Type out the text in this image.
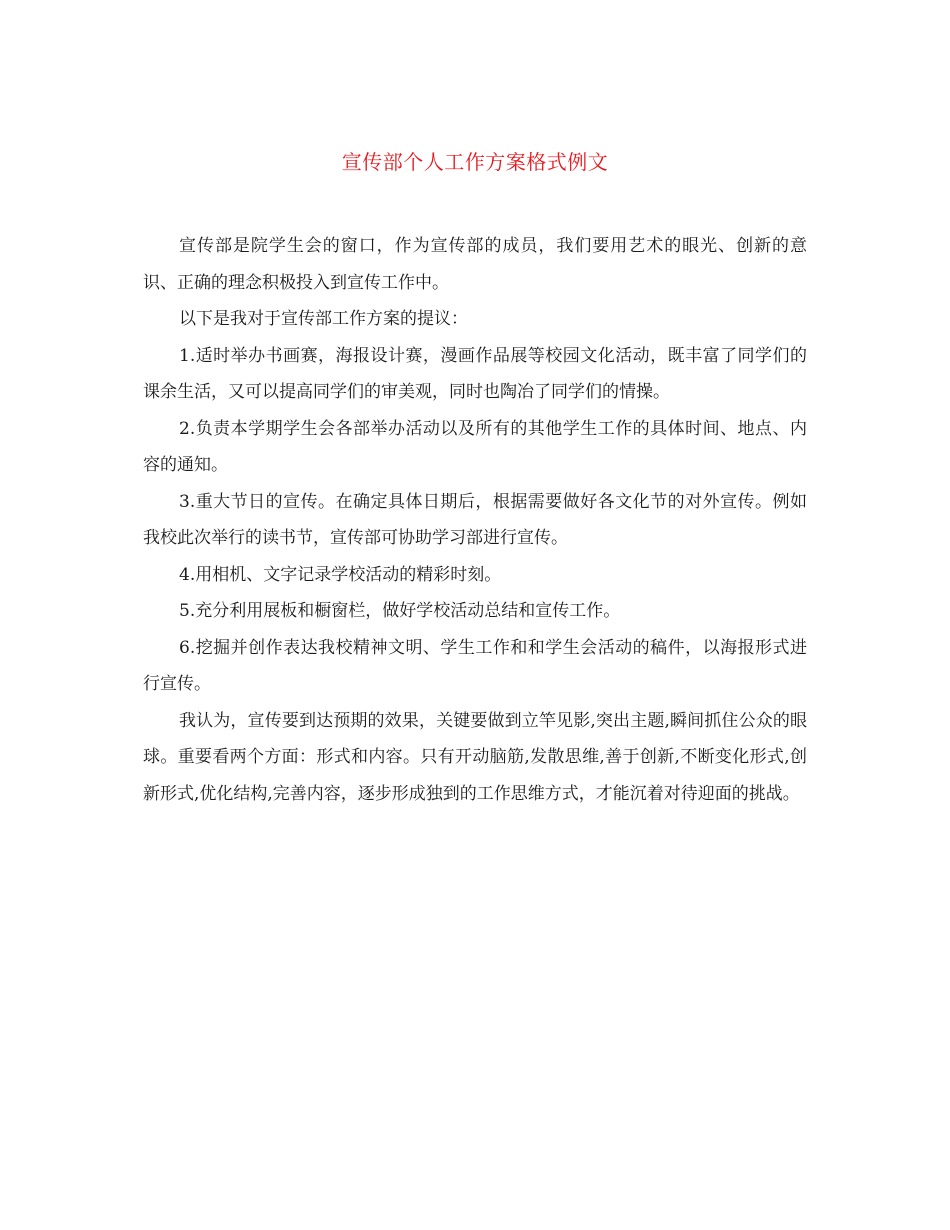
宣传部个人工作方案格式例文

宣传部是院学生会的窗口，作为宣传部的成员，我们要用艺术的眼光、创新的意识、正确的理念积极投入到宣传工作中。

以下是我对于宣传部工作方案的提议：

1.适时举办书画赛，海报设计赛，漫画作品展等校园文化活动，既丰富了同学们的课余生活，又可以提高同学们的审美观，同时也陶冶了同学们的情操。

2.负责本学期学生会各部举办活动以及所有的其他学生工作的具体时间、地点、内容的通知。

3.重大节日的宣传。在确定具体日期后，根据需要做好各文化节的对外宣传。例如我校此次举行的读书节，宣传部可协助学习部进行宣传。

4.用相机、文字记录学校活动的精彩时刻。

5.充分利用展板和橱窗栏，做好学校活动总结和宣传工作。

6.挖掘并创作表达我校精神文明、学生工作和和学生会活动的稿件，以海报形式进行宣传。

我认为，宣传要到达预期的效果，关键要做到立竿见影,突出主题,瞬间抓住公众的眼球。重要看两个方面：形式和内容。只有开动脑筋,发散思维,善于创新,不断变化形式,创新形式,优化结构,完善内容，逐步形成独到的工作思维方式，才能沉着对待迎面的挑战。
